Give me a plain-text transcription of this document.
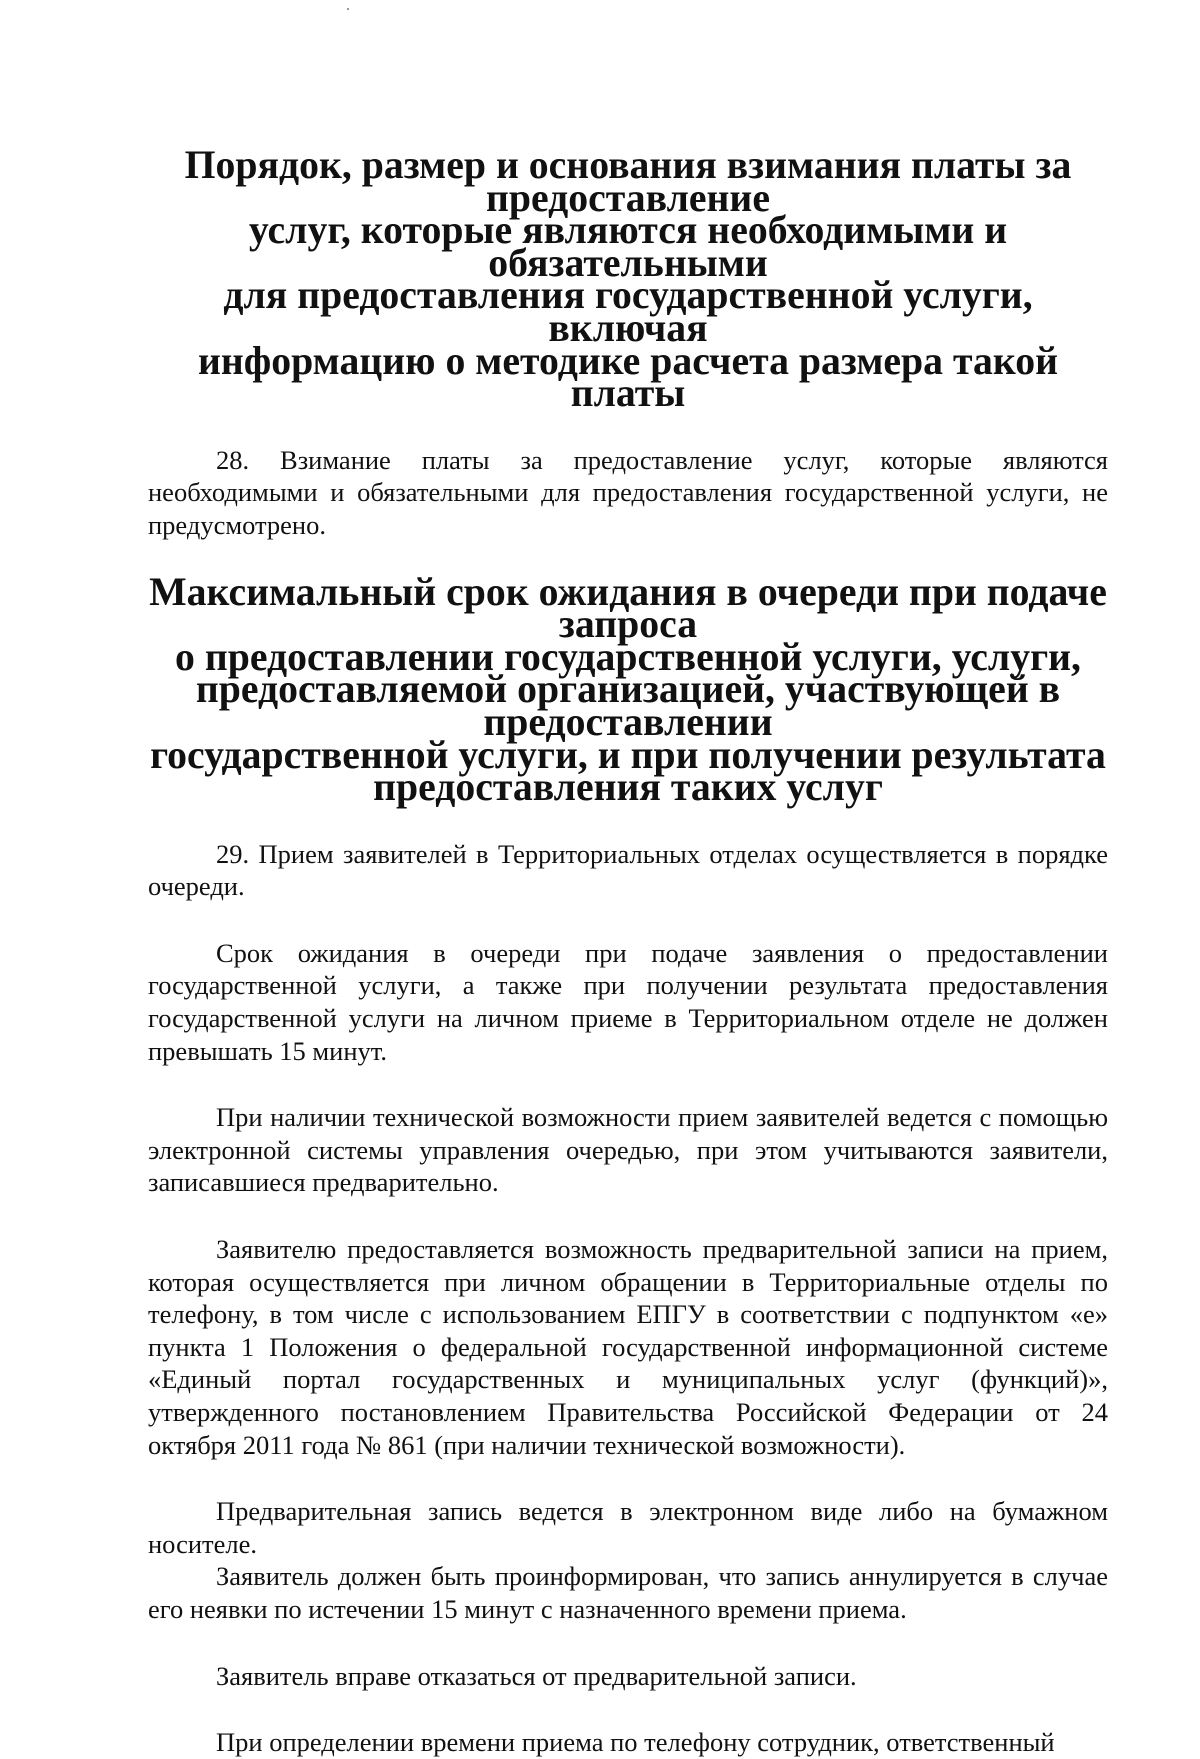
Порядок, размер и основания взимания платы за предоставление
услуг, которые являются необходимыми и обязательными
для предоставления государственной услуги, включая
информацию о методике расчета размера такой платы

28. Взимание платы за предоставление услуг, которые являются необходимыми и обязательными для предоставления государственной услуги, не предусмотрено.

Максимальный срок ожидания в очереди при подаче запроса
о предоставлении государственной услуги, услуги,
предоставляемой организацией, участвующей в предоставлении
государственной услуги, и при получении результата
предоставления таких услуг

29. Прием заявителей в Территориальных отделах осуществляется в порядке очереди.

Срок ожидания в очереди при подаче заявления о предоставлении государственной услуги, а также при получении результата предоставления государственной услуги на личном приеме в Территориальном отделе не должен превышать 15 минут.

При наличии технической возможности прием заявителей ведется с помощью электронной системы управления очередью, при этом учитываются заявители, записавшиеся предварительно.

Заявителю предоставляется возможность предварительной записи на прием, которая осуществляется при личном обращении в Территориальные отделы по телефону, в том числе с использованием ЕПГУ в соответствии с подпунктом «е» пункта 1 Положения о федеральной государственной информационной системе «Единый портал государственных и муниципальных услуг (функций)», утвержденного постановлением Правительства Российской Федерации от 24 октября 2011 года № 861 (при наличии технической возможности).

Предварительная запись ведется в электронном виде либо на бумажном носителе.

Заявитель должен быть проинформирован, что запись аннулируется в случае его неявки по истечении 15 минут с назначенного времени приема.

Заявитель вправе отказаться от предварительной записи.

При определении времени приема по телефону сотрудник, ответственный
